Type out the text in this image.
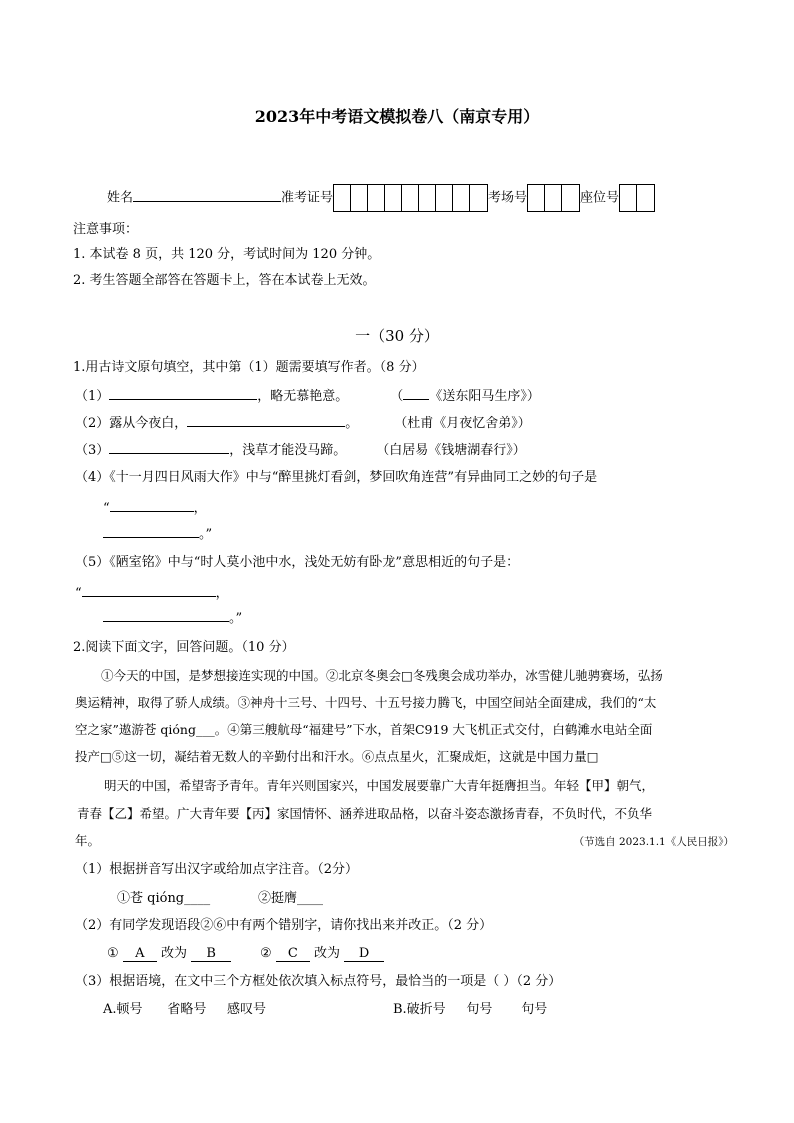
2023年中考语文模拟卷八（南京专用）
姓名	准考证号	考场号	座位号
注意事项：
1. 本试卷 8 页，共 120 分，考试时间为 120 分钟。
2. 考生答题全部答在答题卡上，答在本试卷上无效。
一（30 分）
1.用古诗文原句填空，其中第（1）题需要填写作者。（8 分）
（1）	，略无慕艳意。	（ 《送东阳马生序》）
（2）露从今夜白，	。	（杜甫《月夜忆舍弟》）
（3）	，浅草才能没马蹄。 （白居易《钱塘湖春行》）
（4）《十一月四日风雨大作》中与“醉里挑灯看剑，梦回吹角连营”有异曲同工之妙的句子是
“	，
。”
（5）《陋室铭》中与“时人莫小池中水，浅处无妨有卧龙”意思相近的句子是：
“	，
。”
2.阅读下面文字，回答问题。（10 分）
①今天的中国，是梦想接连实现的中国。②北京冬奥会□冬残奥会成功举办，冰雪健儿驰骋赛场，弘扬
奥运精神，取得了骄人成绩。③神舟十三号、十四号、十五号接力腾飞，中国空间站全面建成，我们的“太
空之家”遨游苍 qióng___。④第三艘航母“福建号”下水，首架C919 大飞机正式交付，白鹤滩水电站全面
投产□⑤这一切，凝结着无数人的辛勤付出和汗水。⑥点点星火，汇聚成炬，这就是中国力量□
明天的中国，希望寄予青年。青年兴则国家兴，中国发展要靠广大青年挺膺担当。年轻【甲】朝气，
青春【乙】希望。广大青年要【丙】家国情怀、涵养进取品格，以奋斗姿态激扬青春，不负时代，不负华
年。	（节选自 2023.1.1《人民日报》）
（1）根据拼音写出汉字或给加点字注音。（2分）
①苍 qióng____	②挺膺____
（2）有同学发现语段②⑥中有两个错别字，请你找出来并改正。（2 分）
① A 改为 B	② C 改为 D
（3）根据语境，在文中三个方框处依次填入标点符号，最恰当的一项是（ ）（2 分）
A.顿号      省略号     感叹号	B.破折号     句号       句号
